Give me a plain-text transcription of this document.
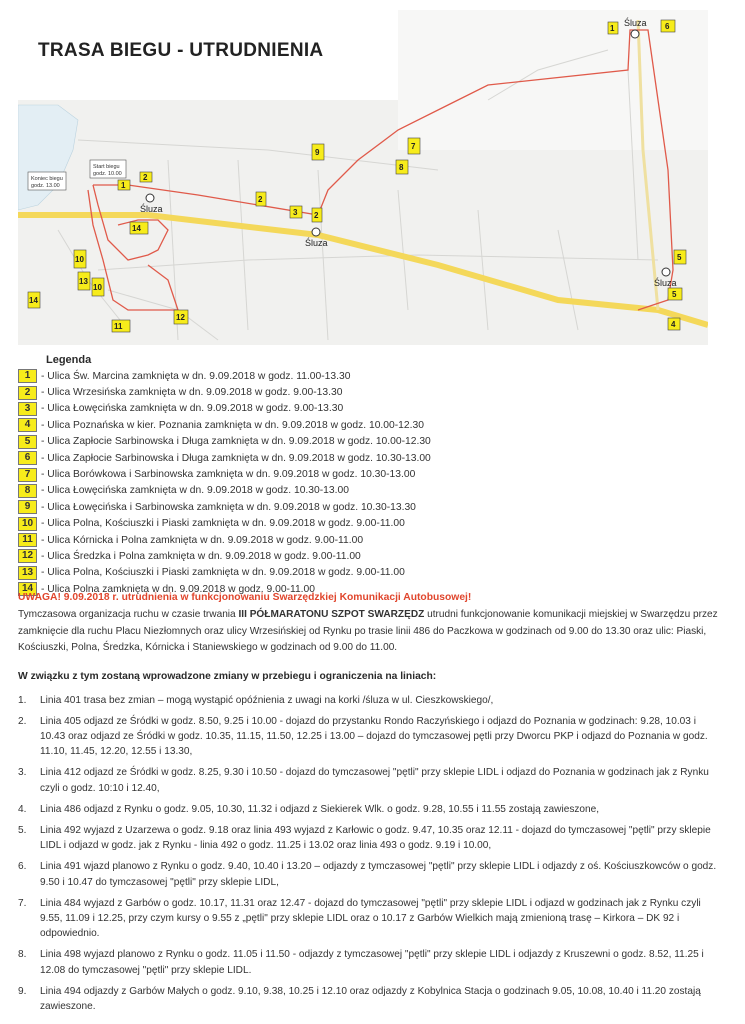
TRASA BIEGU - UTRUDNIENIA
Śluza
Śluza
Śluza
Śluza
Start biegu
godz. 10.00
Koniec biegu
godz. 13.00	1
2
2
3 2
9
8
7
1	6
5
5
4
14
10
13
10
14
11
12
Legenda
1	- Ulica Św. Marcina zamknięta w dn. 9.09.2018 w godz. 11.00-13.30
2	- Ulica Wrzesińska zamknięta w dn. 9.09.2018 w godz. 9.00-13.30
3	- Ulica Łowęcińska zamknięta w dn. 9.09.2018 w godz. 9.00-13.30
4	- Ulica Poznańska w kier. Poznania zamknięta w dn. 9.09.2018 w godz. 10.00-12.30
5	- Ulica Zapłocie Sarbinowska i Długa zamknięta w dn. 9.09.2018 w godz. 10.00-12.30
6	- Ulica Zapłocie Sarbinowska i Długa zamknięta w dn. 9.09.2018 w godz. 10.30-13.00
7	- Ulica Borówkowa i Sarbinowska zamknięta w dn. 9.09.2018 w godz. 10.30-13.00
8	- Ulica Łowęcińska zamknięta w dn. 9.09.2018 w godz. 10.30-13.00
9	- Ulica Łowęcińska i Sarbinowska zamknięta w dn. 9.09.2018 w godz. 10.30-13.30
10 - Ulica Polna, Kościuszki i Piaski zamknięta w dn. 9.09.2018 w godz. 9.00-11.00
11 - Ulica Kórnicka i Polna zamknięta w dn. 9.09.2018 w godz. 9.00-11.00
12 - Ulica Średzka i Polna zamknięta w dn. 9.09.2018 w godz. 9.00-11.00
13 - Ulica Polna, Kościuszki i Piaski zamknięta w dn. 9.09.2018 w godz. 9.00-11.00
14 - Ulica Polna zamknięta w dn. 9.09.2018 w godz. 9.00-11.00
UWAGA! 9.09.2018 r. utrudnienia w funkcjonowaniu Swarzędzkiej Komunikacji Autobusowej!
Tymczasowa organizacja ruchu w czasie trwania III PÓŁMARATONU SZPOT SWARZĘDZ utrudni funkcjonowanie komunikacji miejskiej w Swarzędzu przez zamknięcie dla ruchu Placu Niezłomnych oraz ulicy Wrzesińskiej od Rynku po trasie linii 486 do Paczkowa w godzinach od 9.00 do 13.30 oraz ulic: Piaski, Kościuszki, Polna, Średzka, Kórnicka i Staniewskiego w godzinach od 9.00 do 11.00.
W związku z tym zostaną wprowadzone zmiany w przebiegu i ograniczenia na liniach:
1.	Linia 401 trasa bez zmian – mogą wystąpić opóźnienia z uwagi na korki /śluza w ul. Cieszkowskiego/,
2.	Linia 405 odjazd ze Śródki w godz. 8.50, 9.25 i 10.00 - dojazd do przystanku Rondo Raczyńskiego i odjazd do Poznania w godzinach: 9.28, 10.03 i 10.43 oraz odjazd ze Śródki w godz. 10.35, 11.15, 11.50, 12.25 i 13.00 – dojazd do tymczasowej pętli przy Dworcu PKP i odjazd do Poznania w godz. 11.10, 11.45, 12.20, 12.55 i 13.30,
3.	Linia 412 odjazd ze Śródki w godz. 8.25, 9.30 i 10.50 - dojazd do tymczasowej "pętli" przy sklepie LIDL i odjazd do Poznania w godzinach jak z Rynku czyli o godz. 10:10 i 12.40,
4.	Linia 486 odjazd z Rynku o godz. 9.05, 10.30, 11.32 i odjazd z Siekierek Wlk. o godz. 9.28, 10.55 i 11.55 zostają zawieszone,
5.	Linia 492 wyjazd z Uzarzewa o godz. 9.18 oraz linia 493 wyjazd z Karłowic o godz. 9.47, 10.35 oraz 12.11 - dojazd do tymczasowej "pętli" przy sklepie LIDL i odjazd w godz. jak z Rynku - linia 492 o godz. 11.25 i 13.02 oraz linia 493 o godz. 9.19 i 10.00,
6.	Linia 491 wjazd planowo z Rynku o godz. 9.40, 10.40 i 13.20 – odjazdy z tymczasowej "pętli" przy sklepie LIDL i odjazdy z oś. Kościuszkowców o godz. 9.50 i 10.47 do tymczasowej "pętli" przy sklepie LIDL,
7.	Linia 484 wyjazd z Garbów o godz. 10.17, 11.31 oraz 12.47 - dojazd do tymczasowej "pętli" przy sklepie LIDL i odjazd w godzinach jak z Rynku czyli 9.55, 11.09 i 12.25, przy czym kursy o 9.55 z „pętli" przy sklepie LIDL oraz o 10.17 z Garbów Wielkich mają zmienioną trasę – Kirkora – DK 92 i odpowiednio.
8.	Linia 498 wyjazd planowo z Rynku o godz. 11.05 i 11.50 - odjazdy z tymczasowej "pętli" przy sklepie LIDL i odjazdy z Kruszewni o godz. 8.52, 11.25 i 12.08 do tymczasowej "pętli" przy sklepie LIDL.
9.	Linia 494 odjazdy z Garbów Małych o godz. 9.10, 9.38, 10.25 i 12.10 oraz odjazdy z Kobylnica Stacja o godzinach 9.05, 10.08, 10.40 i 11.20 zostają zawieszone.
